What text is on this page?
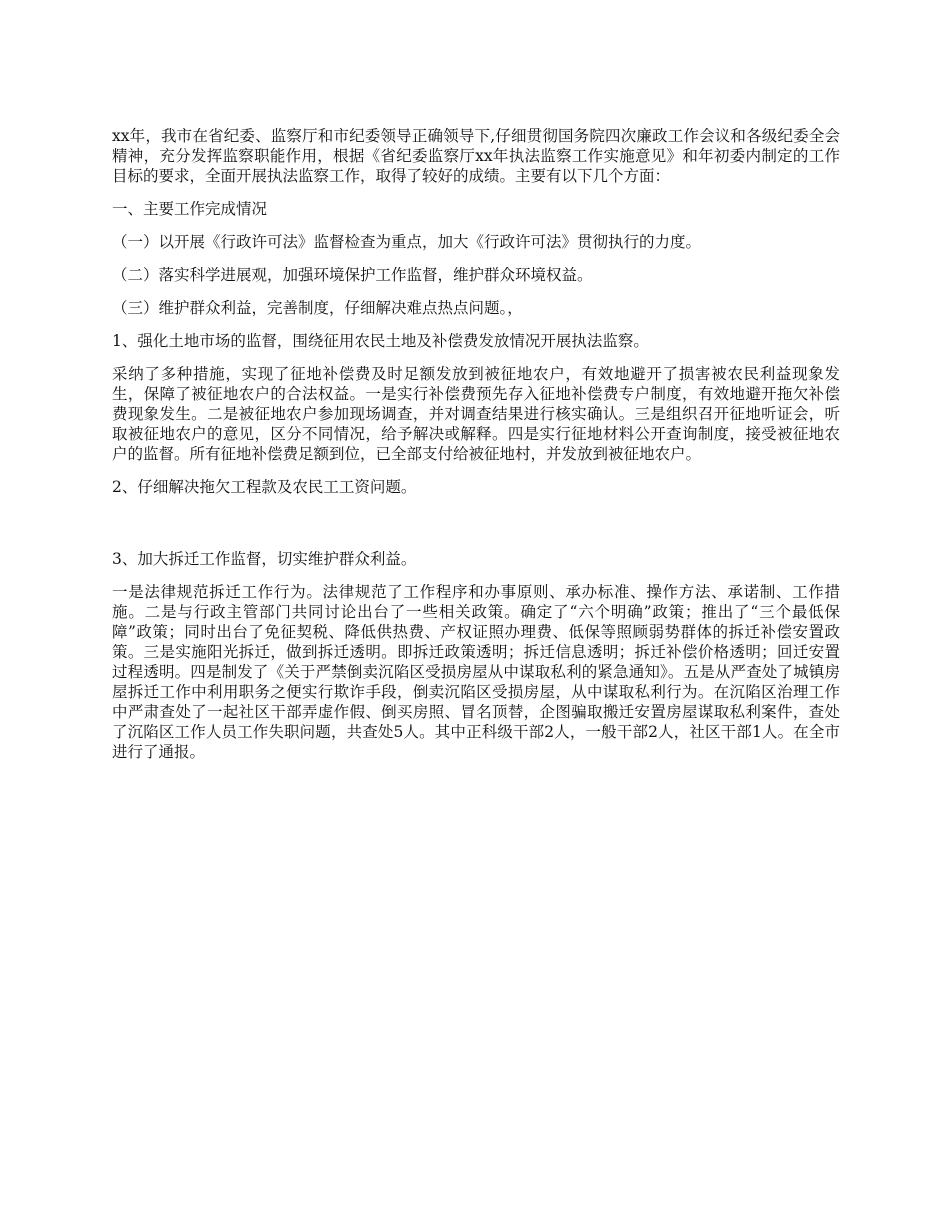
xx年，我市在省纪委、监察厅和市纪委领导正确领导下,仔细贯彻国务院四次廉政工作会议和各级纪委全会精神，充分发挥监察职能作用，根据《省纪委监察厅xx年执法监察工作实施意见》和年初委内制定的工作目标的要求，全面开展执法监察工作，取得了较好的成绩。主要有以下几个方面：

一、主要工作完成情况

（一）以开展《行政许可法》监督检查为重点，加大《行政许可法》贯彻执行的力度。

（二）落实科学进展观，加强环境保护工作监督，维护群众环境权益。

（三）维护群众利益，完善制度，仔细解决难点热点问题。，

1、强化土地市场的监督，围绕征用农民土地及补偿费发放情况开展执法监察。

采纳了多种措施，实现了征地补偿费及时足额发放到被征地农户，有效地避开了损害被农民利益现象发生，保障了被征地农户的合法权益。一是实行补偿费预先存入征地补偿费专户制度，有效地避开拖欠补偿费现象发生。二是被征地农户参加现场调查，并对调查结果进行核实确认。三是组织召开征地听证会，听取被征地农户的意见，区分不同情况，给予解决或解释。四是实行征地材料公开查询制度，接受被征地农户的监督。所有征地补偿费足额到位，已全部支付给被征地村，并发放到被征地农户。

2、仔细解决拖欠工程款及农民工工资问题。

3、加大拆迁工作监督，切实维护群众利益。

一是法律规范拆迁工作行为。法律规范了工作程序和办事原则、承办标准、操作方法、承诺制、工作措施。二是与行政主管部门共同讨论出台了一些相关政策。确定了“六个明确”政策；推出了“三个最低保障”政策；同时出台了免征契税、降低供热费、产权证照办理费、低保等照顾弱势群体的拆迁补偿安置政策。三是实施阳光拆迁，做到拆迁透明。即拆迁政策透明；拆迁信息透明；拆迁补偿价格透明；回迁安置过程透明。四是制发了《关于严禁倒卖沉陷区受损房屋从中谋取私利的紧急通知》。五是从严查处了城镇房屋拆迁工作中利用职务之便实行欺诈手段，倒卖沉陷区受损房屋，从中谋取私利行为。在沉陷区治理工作中严肃查处了一起社区干部弄虚作假、倒买房照、冒名顶替，企图骗取搬迁安置房屋谋取私利案件，查处了沉陷区工作人员工作失职问题，共查处5人。其中正科级干部2人，一般干部2人，社区干部1人。在全市进行了通报。
